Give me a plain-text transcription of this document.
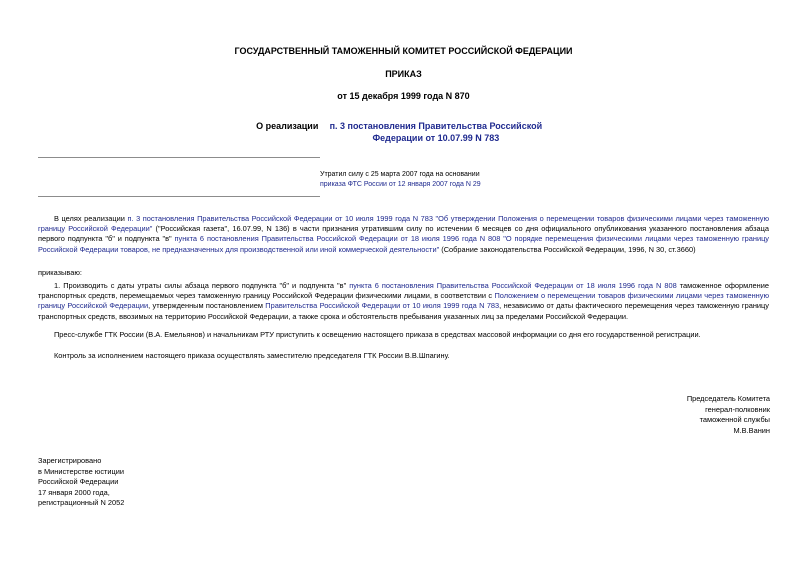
ГОСУДАРСТВЕННЫЙ ТАМОЖЕННЫЙ КОМИТЕТ РОССИЙСКОЙ ФЕДЕРАЦИИ
ПРИКАЗ
от 15 декабря 1999 года N 870
О реализации п. 3 постановления Правительства Российской Федерации от 10.07.99 N 783
Утратил силу с 25 марта 2007 года на основании
приказа ФТС России от 12 января 2007 года N 29
В целях реализации п. 3 постановления Правительства Российской Федерации от 10 июля 1999 года N 783 "Об утверждении Положения о перемещении товаров физическими лицами через таможенную границу Российской Федерации" ("Российская газета", 16.07.99, N 136) в части признания утратившим силу по истечении 6 месяцев со дня официального опубликования указанного постановления абзаца первого подпункта "б" и подпункта "в" пункта 6 постановления Правительства Российской Федерации от 18 июля 1996 года N 808 "О порядке перемещения физическими лицами через таможенную границу Российской Федерации товаров, не предназначенных для производственной или иной коммерческой деятельности" (Собрание законодательства Российской Федерации, 1996, N 30, ст.3660)
приказываю:
1. Производить с даты утраты силы абзаца первого подпункта "б" и подпункта "в" пункта 6 постановления Правительства Российской Федерации от 18 июля 1996 года N 808 таможенное оформление транспортных средств, перемещаемых через таможенную границу Российской Федерации физическими лицами, в соответствии с Положением о перемещении товаров физическими лицами через таможенную границу Российской Федерации, утвержденным постановлением Правительства Российской Федерации от 10 июля 1999 года N 783, независимо от даты фактического перемещения через таможенную границу транспортных средств, ввозимых на территорию Российской Федерации, а также срока и обстоятельств пребывания указанных лиц за пределами Российской Федерации.
Пресс-службе ГТК России (В.А. Емельянов) и начальникам РТУ приступить к освещению настоящего приказа в средствах массовой информации со дня его государственной регистрации.
Контроль за исполнением настоящего приказа осуществлять заместителю председателя ГТК России В.В.Шпагину.
Председатель Комитета
генерал-полковник
таможенной службы
М.В.Ванин
Зарегистрировано
в Министерстве юстиции
Российской Федерации
17 января 2000 года,
регистрационный N 2052
